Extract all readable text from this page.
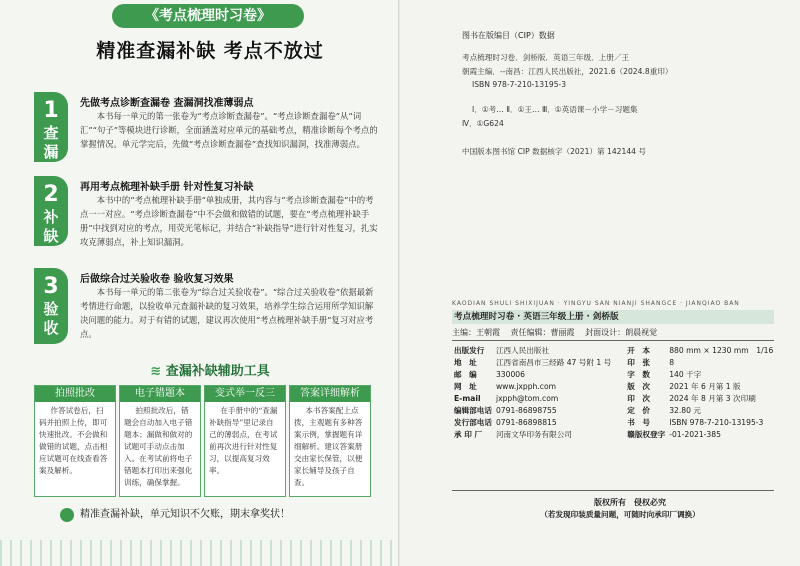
《考点梳理时习卷》
精准查漏补缺 考点不放过
1
查
漏
先做考点诊断查漏卷 查漏洞找准薄弱点
本书每一单元的第一张卷为“考点诊断查漏卷”。“考点诊断查漏卷”从“词汇”“句子”等模块进行诊断，全面涵盖对应单元的基础考点，精准诊断每个考点的掌握情况。单元学完后，先做“考点诊断查漏卷”查找知识漏洞，找准薄弱点。
2
补
缺
再用考点梳理补缺手册 针对性复习补缺
本书中的“考点梳理补缺手册”单独成册，其内容与“考点诊断查漏卷”中的考点一一对应。“考点诊断查漏卷”中不会做和做错的试题，要在“考点梳理补缺手册”中找到对应的考点，用荧光笔标记，并结合“补缺指导”进行针对性复习，扎实攻克薄弱点，补上知识漏洞。
3
验
收
后做综合过关验收卷 验收复习效果
本书每一单元的第二张卷为“综合过关验收卷”。“综合过关验收卷”依据最新考情进行命题，以验收单元查漏补缺的复习效果，培养学生综合运用所学知识解决问题的能力。对于有错的试题，建议再次使用“考点梳理补缺手册”复习对应考点。
≋ 查漏补缺辅助工具
拍照批改
作答试卷后，扫码并拍照上传，即可快速批改。不会做和做错的试题，点击相应试题可在线查看答案及解析。
电子错题本
拍照批改后，错题会自动加入电子错题本；漏做和做对的试题可手动点击加入。在考试前将电子错题本打印出来强化训练，确保掌握。
变式举一反三
在手册中的“查漏补缺指导”里记录自己的薄弱点，在考试前再次进行针对性复习，以提高复习效率。
答案详细解析
本书答案配上点拨，主观题有多种答案示例，掌握题有详细解析。建议答案册交由家长保管，以便家长辅导及孩子自查。
精准查漏补缺，单元知识不欠账，期末拿奖状！
图书在版编目（CIP）数据
考点梳理时习卷．剑桥版．英语三年级．上册／王
朝霞主编．--南昌：江西人民出版社，2021.6（2024.8重印）
ISBN 978-7-210-13195-3
Ⅰ．①考… Ⅱ．①王… Ⅲ．①英语课－小学－习题集
Ⅳ．①G624
中国版本图书馆 CIP 数据核字（2021）第 142144 号
KAODIAN SHULI SHIXIJUAN · YINGYU SAN NIANJI SHANGCE · JIANQIAO BAN
考点梳理时习卷 · 英语三年级上册 · 剑桥版
主编：王朝霞 责任编辑：曹丽霞 封面设计：朗晨视觉
出版发行	江西人民出版社	开　本	880 mm × 1230 mm　1/16
地　址	江西省南昌市三经路 47 号附 1 号	印　张	8
邮　编	330006	字　数	140 千字
网　址	www.jxpph.com	版　次	2021 年 6 月第 1 版
E-mail	jxpph@tom.com	印　次	2024 年 8 月第 3 次印刷
编辑部电话	0791-86898755	定　价	32.80 元
发行部电话	0791-86898815	书　号	ISBN 978-7-210-13195-3
承 印 厂	河南文华印务有限公司	赣版权登字	-01-2021-385
版权所有　侵权必究
（若发现印装质量问题，可随时向承印厂调换）
